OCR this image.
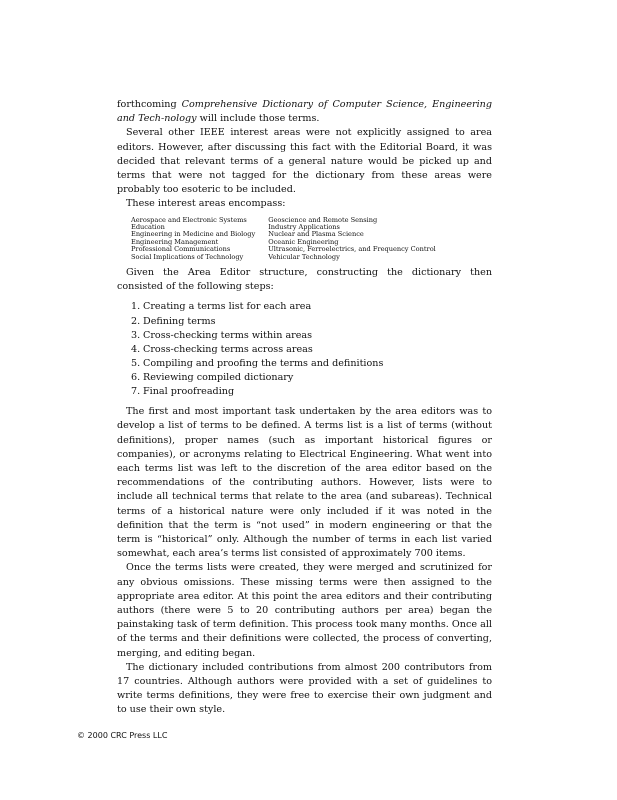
forthcoming Comprehensive Dictionary of Computer Science, Engineering and Tech-nology will include those terms.

Several other IEEE interest areas were not explicitly assigned to area editors. However, after discussing this fact with the Editorial Board, it was decided that relevant terms of a general nature would be picked up and terms that were not tagged for the dictionary from these areas were probably too esoteric to be included.

These interest areas encompass:

Aerospace and Electronic Systems
Education
Engineering in Medicine and Biology
Engineering Management
Professional Communications
Social Implications of Technology
Geoscience and Remote Sensing
Industry Applications
Nuclear and Plasma Science
Oceanic Engineering
Ultrasonic, Ferroelectrics, and Frequency Control
Vehicular Technology

Given the Area Editor structure, constructing the dictionary then consisted of the following steps:

1. Creating a terms list for each area
2. Defining terms
3. Cross-checking terms within areas
4. Cross-checking terms across areas
5. Compiling and proofing the terms and definitions
6. Reviewing compiled dictionary
7. Final proofreading

The first and most important task undertaken by the area editors was to develop a list of terms to be defined. A terms list is a list of terms (without definitions), proper names (such as important historical figures or companies), or acronyms relating to Electrical Engineering. What went into each terms list was left to the discretion of the area editor based on the recommendations of the contributing authors. However, lists were to include all technical terms that relate to the area (and subareas). Technical terms of a historical nature were only included if it was noted in the definition that the term is “not used” in modern engineering or that the term is “historical” only. Although the number of terms in each list varied somewhat, each area’s terms list consisted of approximately 700 items.

Once the terms lists were created, they were merged and scrutinized for any obvious omissions. These missing terms were then assigned to the appropriate area editor. At this point the area editors and their contributing authors (there were 5 to 20 contributing authors per area) began the painstaking task of term definition. This process took many months. Once all of the terms and their definitions were collected, the process of converting, merging, and editing began.

The dictionary included contributions from almost 200 contributors from 17 countries. Although authors were provided with a set of guidelines to write terms definitions, they were free to exercise their own judgment and to use their own style.

© 2000 CRC Press LLC
